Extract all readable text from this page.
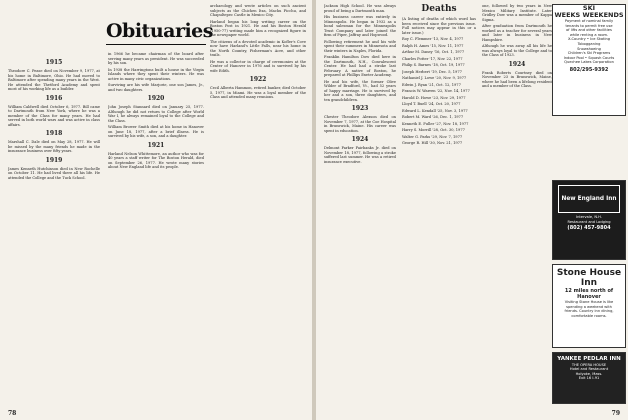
Obituaries
1915

Theodore C. Pease died on November 9, 1977, at his home in Baltimore, Ohio. He had moved to Baltimore after spending many years in the West. He attended the Thetford Academy and spent most of his working life as a builder.

1916

William Caldwell died October 6, 1977. Bill came to Dartmouth from New York, where he was a member of the Class for many years. He had served in both world wars and was active in class affairs.

1918

Marshall C. Dale died on May 28, 1977. He will be missed by the many friends he made in the insurance business over fifty years.

1919

James Kenneth Hutchinson died in New Rochelle on October 11. He had lived there all his life. He attended the College and the Tuck School.

in 1966 he became chairman of the board after serving many years as president. He was succeeded by his son.

In 1938 the Harringtons built a house in the Virgin Islands where they spent their winters. He was active in many civic organizations.

Surviving are his wife Marjorie, one son James, Jr., and two daughters.

1920

John Joseph Stannard died on January 25, 1977. Although he did not return to College after World War I, he always remained loyal to the College and the Class.

William Brower Smith died at his home in Hanover on June 18, 1977, after a brief illness. He is survived by his wife, a son, and a daughter.

1921

Harland Nelson Whittemore, an author who was for 40 years a staff writer for The Boston Herald, died on September 26, 1977. He wrote many stories about New England life and its people.

archaeology and wrote articles on such ancient subjects as the Chichen Itza, Machu Picchu, and Chapultepec Castle in Mexico City.

Harland began his long writing career on the Boston Post in 1921. He and his Boston Herald (1950-77) writing made him a recognized figure in the newspaper world.

The citizens of a devoted academic in Kofler's Cove now have Harland's Little Falls, near his home in the North Country, Fisherman's Acre, and other trails.

He was a collector in charge of ceremonies at the Center of Hanover in 1976 and is survived by his wife Edith.

1922

Cecil Alberta Hammon, retired banker, died October 5, 1977, in Miami. He was a loyal member of the Class and attended many reunions.

78

Jackson High School. He was always proud of being a Dartmouth man.

His business career was entirely in Minneapolis. He began in 1932 as a bond salesman for the Minneapolis Trust Company and later joined the firm of Piper, Jaffray and Hopwood.

Following retirement he and his wife spent their summers in Minnesota and their winters in Naples, Florida.

Franklin Hamilton Dow died here in the Dartmouth, N.H., Convalescent Center. He had had a stroke last February. A native of Boston, he prepared at Phillips Exeter Academy.

He and his wife, the former Olive Wilder of Bradford, Vt., had 52 years of happy marriage. He is survived by her and a son, three daughters, and ten grandchildren.

1923

Chester Theodore Alexson died on November 7, 1977, at the Coe Hospital in Brunswick, Maine. His career was spent in education.

1924

Delmont Parker Fairbanks Jr. died on November 18, 1977, following a stroke suffered last summer. He was a retired insurance executive.

Deaths

(A listing of deaths of which word has been received since the previous issue. Full notices may appear in this or a later issue.)

Roy C. Flemmer '13, Nov. 4, 1977

Ralph H. Ames '15, Nov. 11, 1977

Arthur M. Daney '16, Oct. 1, 1977

Charles Potter '17, Nov. 22, 1977

Philip S. Barnes '18, Oct. 19, 1977

Joseph Herbert '19, Dec. 5, 1977

Nathaniel J. Lowe '20, Nov. 9, 1977

Edwin J. Ryan '21, Oct. 12, 1977

Francis W. Warren '22, Nov. 14, 1977

Harold D. Howe '23, Nov. 29, 1977

Lloyd T. Buell '24, Oct. 20, 1977

Edward L. Kendall '25, Nov. 3, 1977

Robert M. Ward '26, Dec. 1, 1977

Kenneth E. Fuller '27, Nov. 18, 1977

Harry S. Morrill '28, Oct. 30, 1977

Walter G. Parks '29, Nov. 7, 1977

George R. Hill '30, Nov. 21, 1977

one, followed by two years in New Mexico Military Institute. Later Gridley Dow was a member of Kappa Sigma.

After graduation from Dartmouth he worked as a teacher for several years and later in business in New Hampshire.

Although he was away all his life he was always loyal to the College and to the Class of 1923.

1924

Frank Roberts Courtney died on November 23 in Brunswick, Maine, where he had been a lifelong resident and a member of the Class.

79
SKI
WEEKS WEEKENDS
Payment of nominal family
tenants to permit free use
of lifts and other facilities
while renting a room.
X-Country • Ice Skating
Tobogganing
Snowshoeing
Children's Ski Programs
Indoor Pool • Squash Courts
Quechee Lakes Corporation
802/295-9392
New England Inn
Intervale, N.H.
Restaurant and Lodging
(802) 457-9804
Stone House Inn
12 miles north of Hanover
Visiting Stone House is like
spending a weekend with
friends. Country inn dining,
comfortable rooms.
YANKEE PEDLAR INN
THE OPERA HOUSE
Hotel and Restaurant
Holyoke, Mass.
Exit 16 I-91
